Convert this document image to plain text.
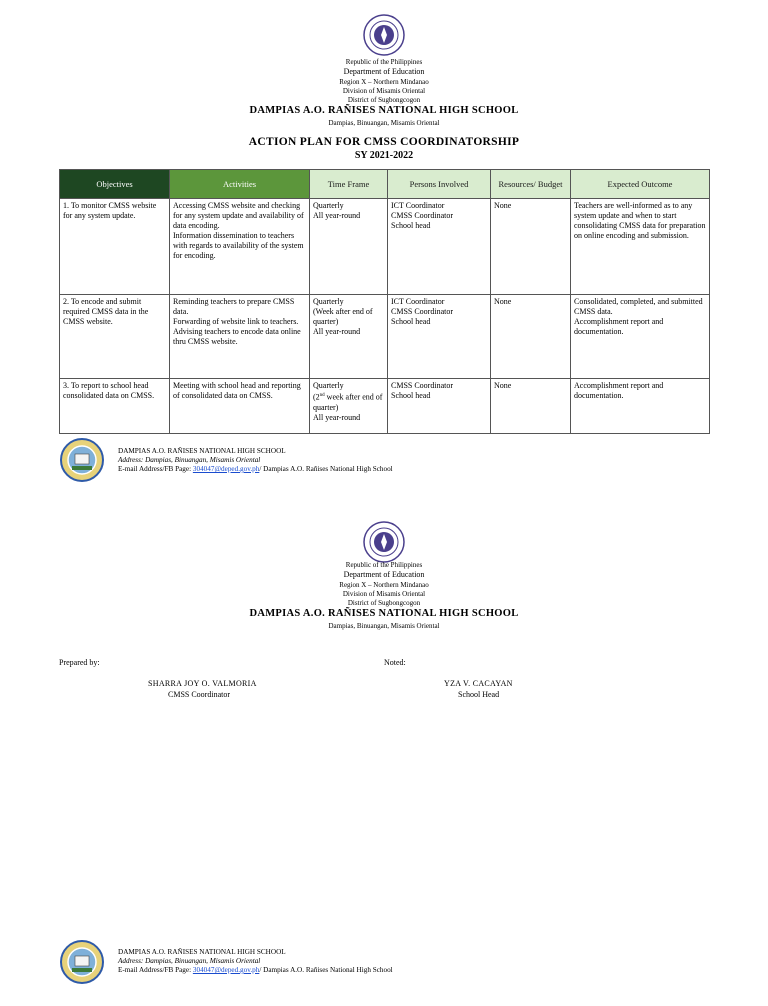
Republic of the Philippines
Department of Education
Region X – Northern Mindanao
Division of Misamis Oriental
District of Sugbongcogon
DAMPIAS A.O. RAÑISES NATIONAL HIGH SCHOOL
Dampias, Binuangan, Misamis Oriental
ACTION PLAN FOR CMSS COORDINATORSHIP
SY 2021-2022
Objectives	Activities	Time Frame	Persons Involved	Resources/ Budget	Expected Outcome
1. To monitor CMSS website for any system update.	Accessing CMSS website and checking for any system update and availability of data encoding.
Information dissemination to teachers with regards to availability of the system for encoding.	Quarterly
All year-round	ICT Coordinator
CMSS Coordinator
School head	None	Teachers are well-informed as to any system update and when to start consolidating CMSS data for preparation on online encoding and submission.
2. To encode and submit required CMSS data in the CMSS website.	Reminding teachers to prepare CMSS data.
Forwarding of website link to teachers.
Advising teachers to encode data online thru CMSS website.	Quarterly
(Week after end of quarter)
All year-round	ICT Coordinator
CMSS Coordinator
School head	None	Consolidated, completed, and submitted CMSS data.
Accomplishment report and documentation.
3. To report to school head consolidated data on CMSS.	Meeting with school head and reporting of consolidated data on CMSS.	Quarterly
(2nd week after end of quarter)
All year-round	CMSS Coordinator
School head	None	Accomplishment report and documentation.
DAMPIAS A.O. RAÑISES NATIONAL HIGH SCHOOL
Address: Dampias, Binuangan, Misamis Oriental
E-mail Address/FB Page: 304047@deped.gov.ph/ Dampias A.O. Rañises National High School
Republic of the Philippines
Department of Education
Region X – Northern Mindanao
Division of Misamis Oriental
District of Sugbongcogon
DAMPIAS A.O. RAÑISES NATIONAL HIGH SCHOOL
Dampias, Binuangan, Misamis Oriental
Prepared by:	Noted:
SHARRA JOY O. VALMORIA
CMSS Coordinator
YZA V. CACAYAN
School Head
DAMPIAS A.O. RAÑISES NATIONAL HIGH SCHOOL
Address: Dampias, Binuangan, Misamis Oriental
E-mail Address/FB Page: 304047@deped.gov.ph/ Dampias A.O. Rañises National High School
